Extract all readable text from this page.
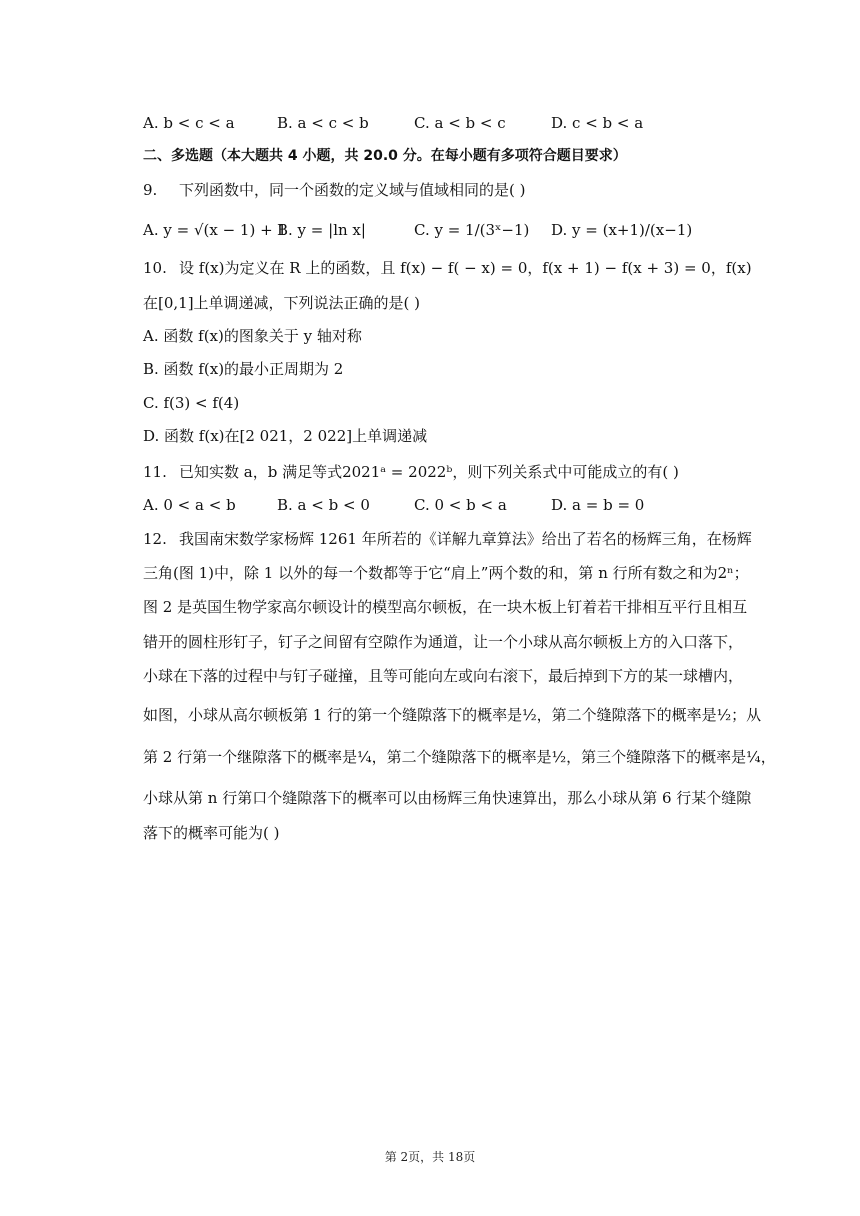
A. b < c < a	B. a < c < b	C. a < b < c	D. c < b < a
二、多选题（本大题共 4 小题，共 20.0 分。在每小题有多项符合题目要求）
9. 下列函数中，同一个函数的定义域与值域相同的是( )
A. y = √(x − 1) + 1
B. y = |ln x|	C. y = 1/(3ˣ−1) D. y = (x+1)/(x−1)
10. 设 f(x)为定义在 R 上的函数，且 f(x) − f( − x) = 0，f(x + 1) − f(x + 3) = 0，f(x)
在[0,1]上单调递减，下列说法正确的是( )
A. 函数 f(x)的图象关于 y 轴对称
B. 函数 f(x)的最小正周期为 2
C. f(3) < f(4)
D. 函数 f(x)在[2 021，2 022]上单调递减
11. 已知实数 a，b 满足等式2021ᵃ = 2022ᵇ，则下列关系式中可能成立的有( )
A. 0 < a < b	B. a < b < 0	C. 0 < b < a	D. a = b = 0
12. 我国南宋数学家杨辉 1261 年所若的《详解九章算法》给出了若名的杨辉三角，在杨辉
三角(图 1)中，除 1 以外的每一个数都等于它“肩上”两个数的和，第 n 行所有数之和为2ⁿ；
图 2 是英国生物学家高尔顿设计的模型高尔顿板，在一块木板上钉着若干排相互平行且相互
错开的圆柱形钉子，钉子之间留有空隙作为通道，让一个小球从高尔顿板上方的入口落下，
小球在下落的过程中与钉子碰撞，且等可能向左或向右滚下，最后掉到下方的某一球槽内，
如图，小球从高尔顿板第 1 行的第一个缝隙落下的概率是½，第二个缝隙落下的概率是½；从
第 2 行第一个继隙落下的概率是¼，第二个缝隙落下的概率是½，第三个缝隙落下的概率是¼，
小球从第 n 行第口个缝隙落下的概率可以由杨辉三角快速算出，那么小球从第 6 行某个缝隙
落下的概率可能为( )
第 2页，共 18页
